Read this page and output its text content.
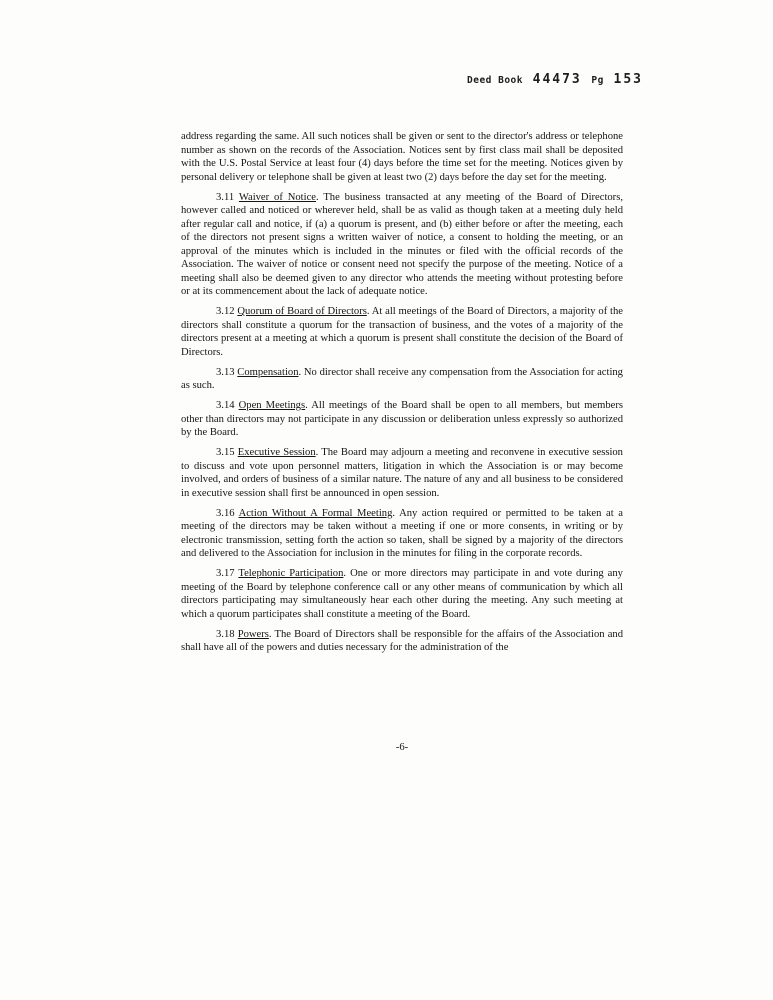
Deed Book 44473 Pg 153

address regarding the same. All such notices shall be given or sent to the director's address or telephone number as shown on the records of the Association. Notices sent by first class mail shall be deposited with the U.S. Postal Service at least four (4) days before the time set for the meeting. Notices given by personal delivery or telephone shall be given at least two (2) days before the day set for the meeting.

3.11 Waiver of Notice. The business transacted at any meeting of the Board of Directors, however called and noticed or wherever held, shall be as valid as though taken at a meeting duly held after regular call and notice, if (a) a quorum is present, and (b) either before or after the meeting, each of the directors not present signs a written waiver of notice, a consent to holding the meeting, or an approval of the minutes which is included in the minutes or filed with the official records of the Association. The waiver of notice or consent need not specify the purpose of the meeting. Notice of a meeting shall also be deemed given to any director who attends the meeting without protesting before or at its commencement about the lack of adequate notice.

3.12 Quorum of Board of Directors. At all meetings of the Board of Directors, a majority of the directors shall constitute a quorum for the transaction of business, and the votes of a majority of the directors present at a meeting at which a quorum is present shall constitute the decision of the Board of Directors.

3.13 Compensation. No director shall receive any compensation from the Association for acting as such.

3.14 Open Meetings. All meetings of the Board shall be open to all members, but members other than directors may not participate in any discussion or deliberation unless expressly so authorized by the Board.

3.15 Executive Session. The Board may adjourn a meeting and reconvene in executive session to discuss and vote upon personnel matters, litigation in which the Association is or may become involved, and orders of business of a similar nature. The nature of any and all business to be considered in executive session shall first be announced in open session.

3.16 Action Without A Formal Meeting. Any action required or permitted to be taken at a meeting of the directors may be taken without a meeting if one or more consents, in writing or by electronic transmission, setting forth the action so taken, shall be signed by a majority of the directors and delivered to the Association for inclusion in the minutes for filing in the corporate records.

3.17 Telephonic Participation. One or more directors may participate in and vote during any meeting of the Board by telephone conference call or any other means of communication by which all directors participating may simultaneously hear each other during the meeting. Any such meeting at which a quorum participates shall constitute a meeting of the Board.

3.18 Powers. The Board of Directors shall be responsible for the affairs of the Association and shall have all of the powers and duties necessary for the administration of the

-6-
